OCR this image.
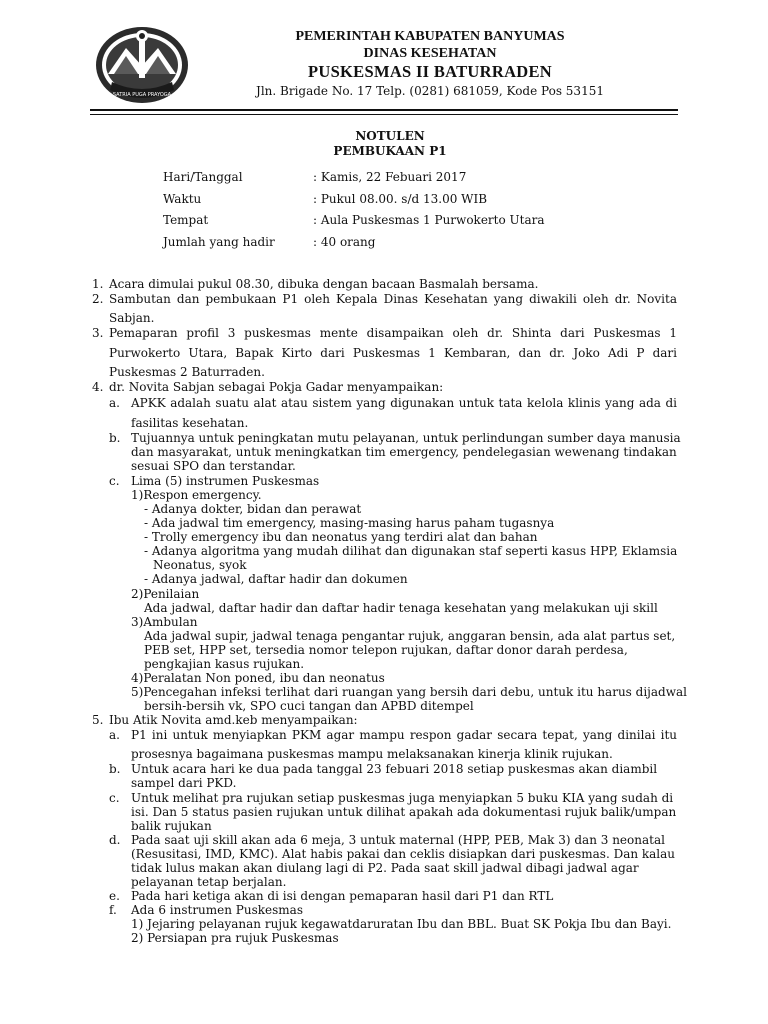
SATRIA PUGA PRAYOGA
PEMERINTAH KABUPATEN BANYUMAS
DINAS KESEHATAN
PUSKESMAS II BATURRADEN
Jln. Brigade No. 17 Telp. (0281) 681059, Kode Pos 53151
NOTULEN
PEMBUKAAN P1
Hari/Tanggal	: Kamis, 22 Febuari 2017
Waktu	: Pukul 08.00. s/d 13.00 WIB
Tempat	: Aula Puskesmas 1 Purwokerto Utara
Jumlah yang hadir	: 40 orang
1. Acara dimulai pukul 08.30, dibuka dengan bacaan Basmalah bersama.
2. Sambutan dan pembukaan P1 oleh Kepala Dinas Kesehatan yang diwakili oleh dr. Novita
Sabjan.
3. Pemaparan profil 3 puskesmas mente disampaikan oleh dr. Shinta dari Puskesmas 1
Purwokerto Utara, Bapak Kirto dari Puskesmas 1 Kembaran, dan dr. Joko Adi P dari
Puskesmas 2 Baturraden.
4. dr. Novita Sabjan sebagai Pokja Gadar menyampaikan:
a. APKK adalah suatu alat atau sistem yang digunakan untuk tata kelola klinis yang ada di
fasilitas kesehatan.
b. Tujuannya untuk peningkatan mutu pelayanan, untuk perlindungan sumber daya manusia
dan masyarakat, untuk meningkatkan tim emergency, pendelegasian wewenang tindakan
sesuai SPO dan terstandar.
c. Lima (5) instrumen Puskesmas
1)Respon emergency.
- Adanya dokter, bidan dan perawat
- Ada jadwal tim emergency, masing-masing harus paham tugasnya
- Trolly emergency ibu dan neonatus yang terdiri alat dan bahan
- Adanya algoritma yang mudah dilihat dan digunakan staf seperti kasus HPP, Eklamsia
Neonatus, syok
- Adanya jadwal, daftar hadir dan dokumen
2)Penilaian
Ada jadwal, daftar hadir dan daftar hadir tenaga kesehatan yang melakukan uji skill
3)Ambulan
Ada jadwal supir, jadwal tenaga pengantar rujuk, anggaran bensin, ada alat partus set,
PEB set, HPP set, tersedia nomor telepon rujukan, daftar donor darah perdesa,
pengkajian kasus rujukan.
4)Peralatan Non poned, ibu dan neonatus
5)Pencegahan infeksi terlihat dari ruangan yang bersih dari debu, untuk itu harus dijadwal
bersih-bersih vk, SPO cuci tangan dan APBD ditempel
5. Ibu Atik Novita amd.keb menyampaikan:
a. P1 ini untuk menyiapkan PKM agar mampu respon gadar secara tepat, yang dinilai itu
prosesnya bagaimana puskesmas mampu melaksanakan kinerja klinik rujukan.
b. Untuk acara hari ke dua pada tanggal 23 febuari 2018 setiap puskesmas akan diambil
sampel dari PKD.
c. Untuk melihat pra rujukan setiap puskesmas juga menyiapkan 5 buku KIA yang sudah di
isi. Dan 5 status pasien rujukan untuk dilihat apakah ada dokumentasi rujuk balik/umpan
balik rujukan
d. Pada saat uji skill akan ada 6 meja, 3 untuk maternal (HPP, PEB, Mak 3) dan 3 neonatal
(Resusitasi, IMD, KMC). Alat habis pakai dan ceklis disiapkan dari puskesmas. Dan kalau
tidak lulus makan akan diulang lagi di P2. Pada saat skill jadwal dibagi jadwal agar
pelayanan tetap berjalan.
e. Pada hari ketiga akan di isi dengan pemaparan hasil dari P1 dan RTL
f. Ada 6 instrumen Puskesmas
1) Jejaring pelayanan rujuk kegawatdaruratan Ibu dan BBL. Buat SK Pokja Ibu dan Bayi.
2) Persiapan pra rujuk Puskesmas
